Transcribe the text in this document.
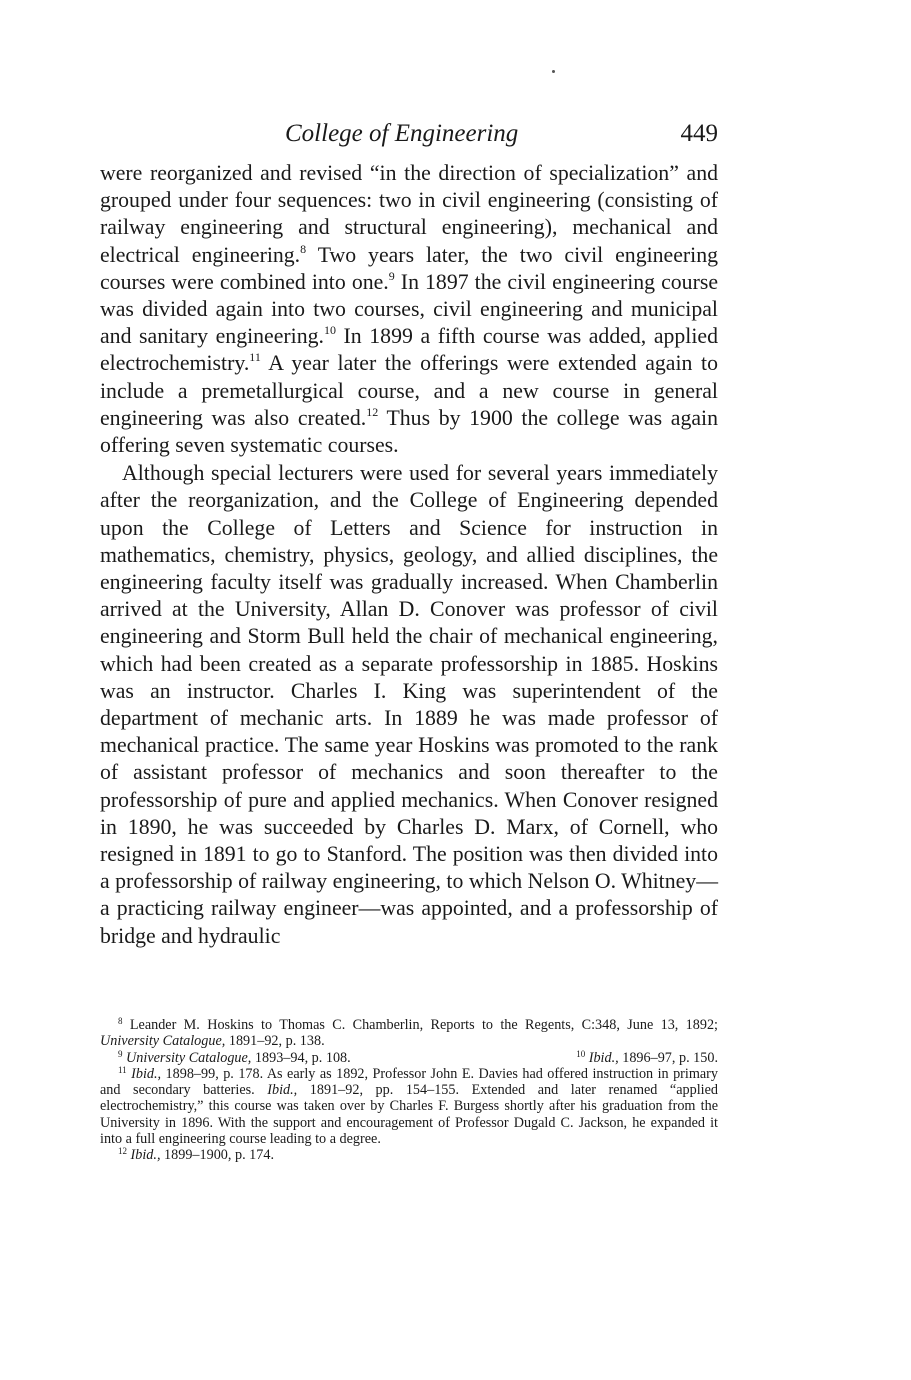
College of Engineering	449

were reorganized and revised “in the direction of specialization” and grouped under four sequences: two in civil engineering (consisting of railway engineering and structural engineering), mechanical and electrical engineering.$^8$ Two years later, the two civil engineering courses were combined into one.$^9$ In 1897 the civil engineering course was divided again into two courses, civil engineering and municipal and sanitary engineering.$^{10}$ In 1899 a fifth course was added, applied electrochemistry.$^{11}$ A year later the offerings were extended again to include a premetallurgical course, and a new course in general engineering was also created.$^{12}$ Thus by 1900 the college was again offering seven systematic courses.

Although special lecturers were used for several years immediately after the reorganization, and the College of Engineering depended upon the College of Letters and Science for instruction in mathematics, chemistry, physics, geology, and allied disciplines, the engineering faculty itself was gradually increased. When Chamberlin arrived at the University, Allan D. Conover was professor of civil engineering and Storm Bull held the chair of mechanical engineering, which had been created as a separate professorship in 1885. Hoskins was an instructor. Charles I. King was superintendent of the department of mechanic arts. In 1889 he was made professor of mechanical practice. The same year Hoskins was promoted to the rank of assistant professor of mechanics and soon thereafter to the professorship of pure and applied mechanics. When Conover resigned in 1890, he was succeeded by Charles D. Marx, of Cornell, who resigned in 1891 to go to Stanford. The position was then divided into a professorship of railway engineering, to which Nelson O. Whitney—a practicing railway engineer—was appointed, and a professorship of bridge and hydraulic

$^8$ Leander M. Hoskins to Thomas C. Chamberlin, Reports to the Regents, C:348, June 13, 1892; University Catalogue, 1891–92, p. 138.

$^9$ University Catalogue, 1893–94, p. 108.	$^{10}$ Ibid., 1896–97, p. 150.

$^{11}$ Ibid., 1898–99, p. 178. As early as 1892, Professor John E. Davies had offered instruction in primary and secondary batteries. Ibid., 1891–92, pp. 154–155. Extended and later renamed “applied electrochemistry,” this course was taken over by Charles F. Burgess shortly after his graduation from the University in 1896. With the support and encouragement of Professor Dugald C. Jackson, he expanded it into a full engineering course leading to a degree.

$^{12}$ Ibid., 1899–1900, p. 174.
